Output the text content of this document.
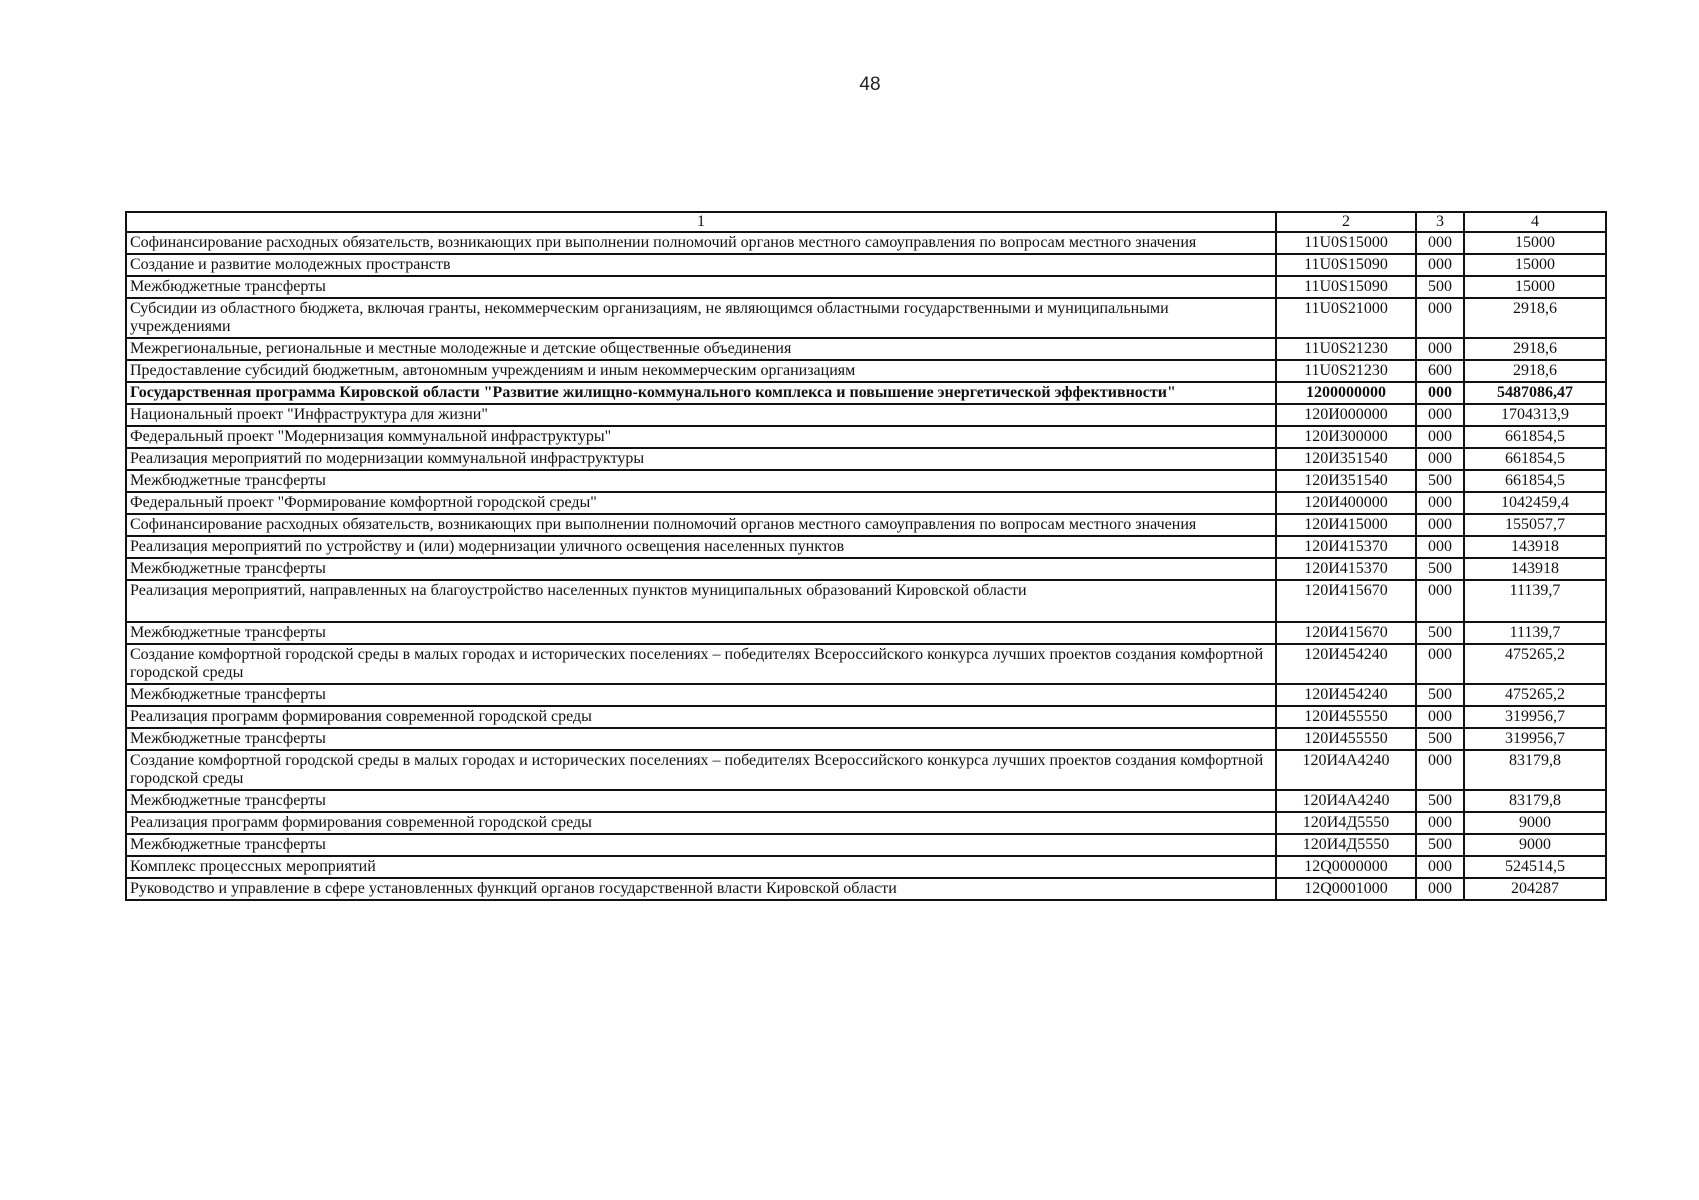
48
1	2	3	4
Софинансирование расходных обязательств, возникающих при выполнении полномочий органов местного самоуправления по вопросам местного значения	11U0S15000	000	15000
Создание и развитие молодежных пространств	11U0S15090	000	15000
Межбюджетные трансферты	11U0S15090	500	15000
Субсидии из областного бюджета, включая гранты, некоммерческим организациям, не являющимся областными государственными и муниципальными учреждениями	11U0S21000	000	2918,6
Межрегиональные, региональные и местные молодежные и детские общественные объединения	11U0S21230	000	2918,6
Предоставление субсидий бюджетным, автономным учреждениям и иным некоммерческим организациям	11U0S21230	600	2918,6
Государственная программа Кировской области "Развитие жилищно-коммунального комплекса и повышение энергетической эффективности"	1200000000	000	5487086,47
Национальный проект "Инфраструктура для жизни"	120И000000	000	1704313,9
Федеральный проект "Модернизация коммунальной инфраструктуры"	120И300000	000	661854,5
Реализация мероприятий по модернизации коммунальной инфраструктуры	120И351540	000	661854,5
Межбюджетные трансферты	120И351540	500	661854,5
Федеральный проект "Формирование комфортной городской среды"	120И400000	000	1042459,4
Софинансирование расходных обязательств, возникающих при выполнении полномочий органов местного самоуправления по вопросам местного значения	120И415000	000	155057,7
Реализация мероприятий по устройству и (или) модернизации уличного освещения населенных пунктов	120И415370	000	143918
Межбюджетные трансферты	120И415370	500	143918
Реализация мероприятий, направленных на благоустройство населенных пунктов муниципальных образований Кировской области	120И415670	000	11139,7
Межбюджетные трансферты	120И415670	500	11139,7
Создание комфортной городской среды в малых городах и исторических поселениях – победителях Всероссийского конкурса лучших проектов создания комфортной городской среды	120И454240	000	475265,2
Межбюджетные трансферты	120И454240	500	475265,2
Реализация программ формирования современной городской среды	120И455550	000	319956,7
Межбюджетные трансферты	120И455550	500	319956,7
Создание комфортной городской среды в малых городах и исторических поселениях – победителях Всероссийского конкурса лучших проектов создания комфортной городской среды	120И4А4240	000	83179,8
Межбюджетные трансферты	120И4А4240	500	83179,8
Реализация программ формирования современной городской среды	120И4Д5550	000	9000
Межбюджетные трансферты	120И4Д5550	500	9000
Комплекс процессных мероприятий	12Q0000000	000	524514,5
Руководство и управление в сфере установленных функций органов государственной власти Кировской области	12Q0001000	000	204287
